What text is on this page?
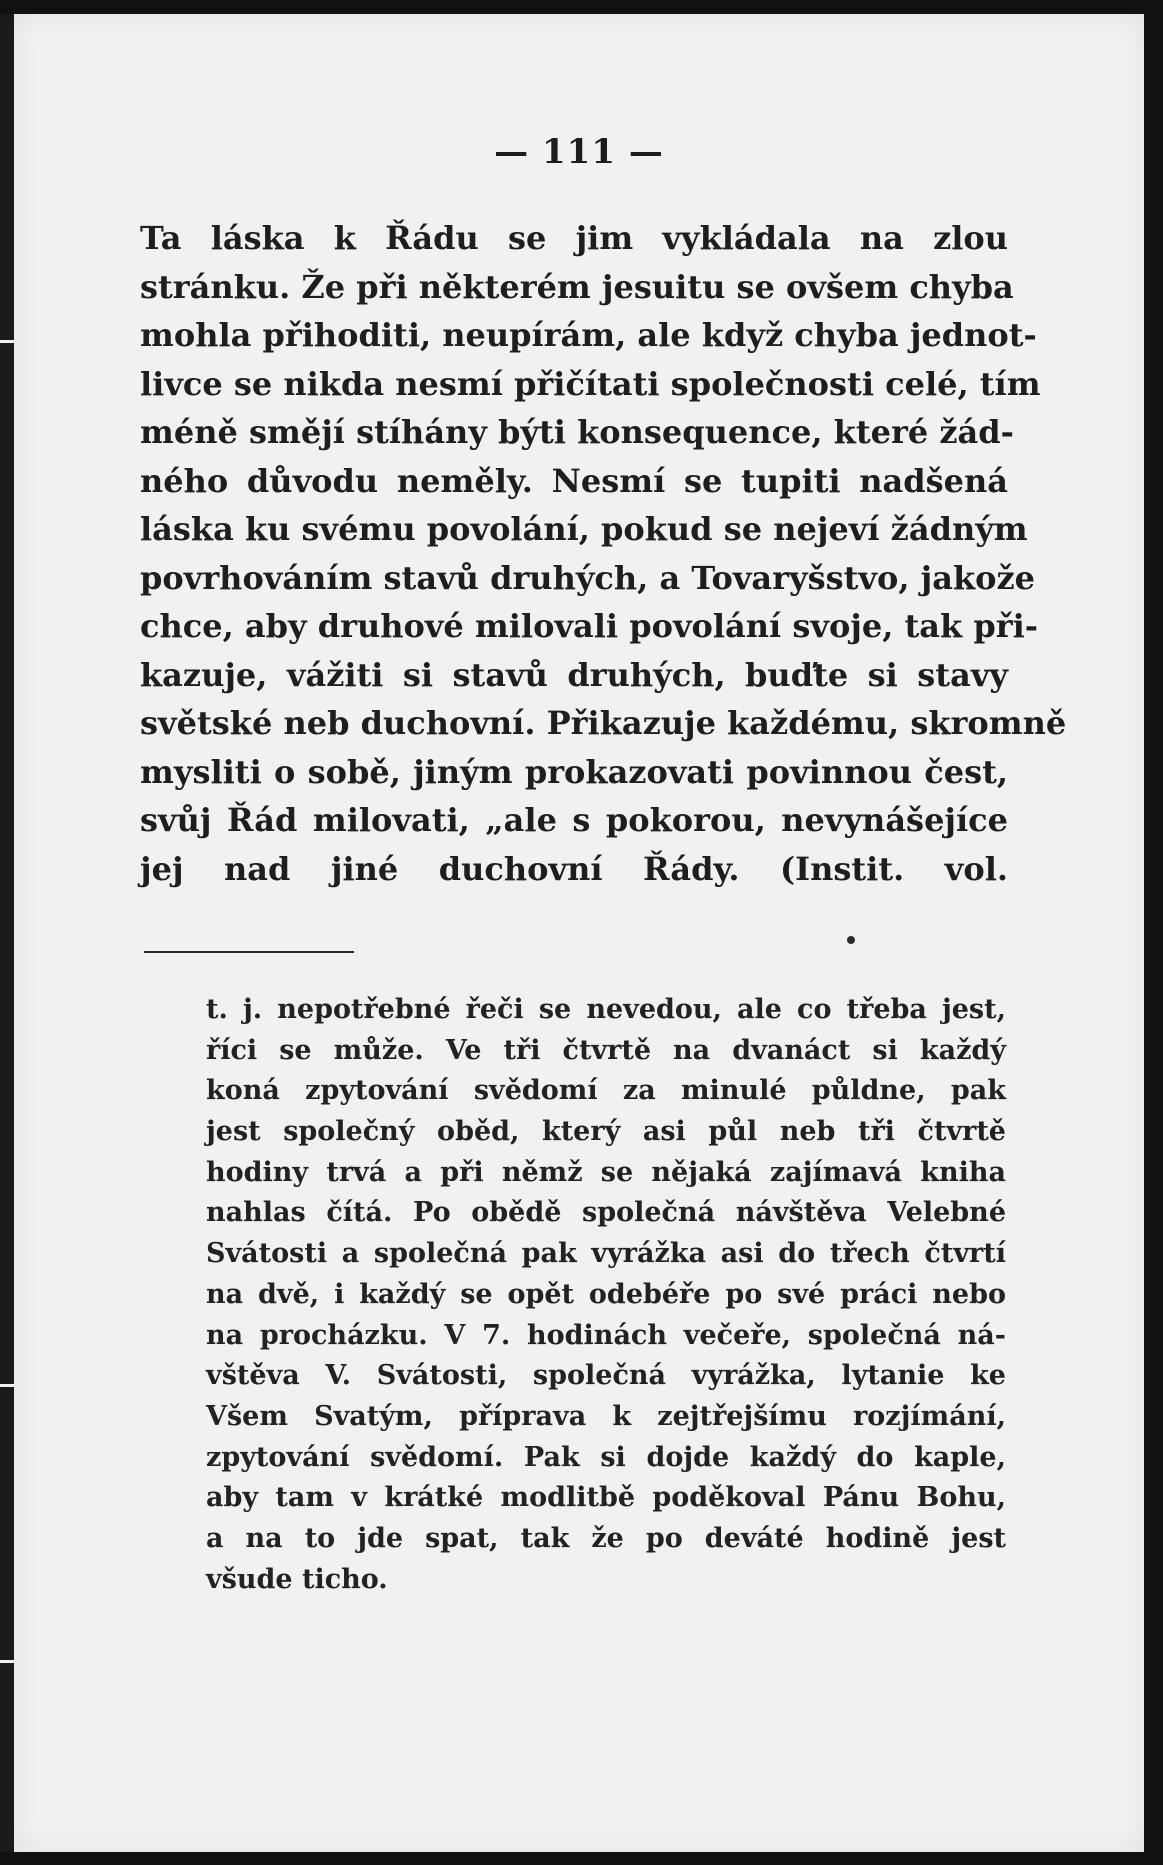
— 111 —
Ta láska k Řádu se jim vykládala na zlou
stránku. Že při některém jesuitu se ovšem chyba
mohla přihoditi, neupírám, ale když chyba jednot-
livce se nikda nesmí přičítati společnosti celé, tím
méně smějí stíhány býti konsequence, které žád-
ného důvodu neměly. Nesmí se tupiti nadšená
láska ku svému povolání, pokud se nejeví žádným
povrhováním stavů druhých, a Tovaryšstvo, jakože
chce, aby druhové milovali povolání svoje, tak při-
kazuje, vážiti si stavů druhých, buďte si stavy
světské neb duchovní. Přikazuje každému, skromně
mysliti o sobě, jiným prokazovati povinnou čest,
svůj Řád milovati, „ale s pokorou, nevynášejíce
jej nad jiné duchovní Řády. (Instit. vol.
t. j. nepotřebné řeči se nevedou, ale co třeba jest,
říci se může. Ve tři čtvrtě na dvanáct si každý
koná zpytování svědomí za minulé půldne, pak
jest společný oběd, který asi půl neb tři čtvrtě
hodiny trvá a při němž se nějaká zajímavá kniha
nahlas čítá. Po obědě společná návštěva Velebné
Svátosti a společná pak vyrážka asi do třech čtvrtí
na dvě, i každý se opět odebéře po své práci nebo
na procházku. V 7. hodinách večeře, společná ná-
vštěva V. Svátosti, společná vyrážka, lytanie ke
Všem Svatým, příprava k zejtřejšímu rozjímání,
zpytování svědomí. Pak si dojde každý do kaple,
aby tam v krátké modlitbě poděkoval Pánu Bohu,
a na to jde spat, tak že po deváté hodině jest
všude ticho.
